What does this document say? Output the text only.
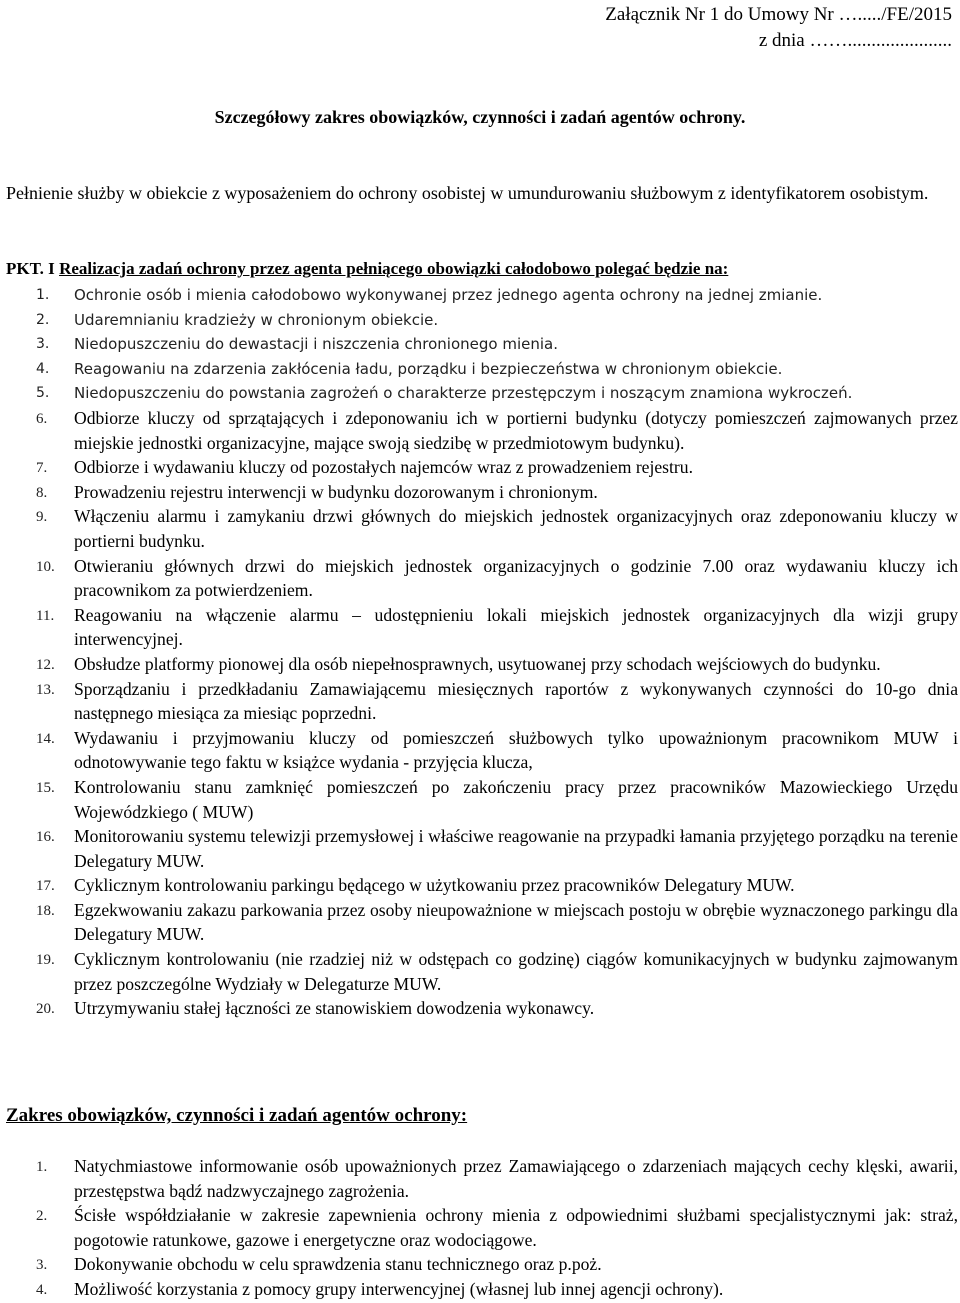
Załącznik Nr 1 do Umowy Nr …...../FE/2015
z dnia ……......................
Szczegółowy zakres obowiązków, czynności i zadań agentów ochrony.
Pełnienie służby w obiekcie z wyposażeniem do ochrony osobistej w umundurowaniu służbowym z identyfikatorem osobistym.
PKT. I Realizacja zadań ochrony przez agenta pełniącego obowiązki całodobowo polegać będzie na:
1.	Ochronie osób i mienia całodobowo wykonywanej przez jednego agenta ochrony na jednej zmianie.
2.	Udaremnianiu kradzieży w chronionym obiekcie.
3.	Niedopuszczeniu do dewastacji i niszczenia chronionego mienia.
4.	Reagowaniu na zdarzenia zakłócenia ładu, porządku i bezpieczeństwa w chronionym obiekcie.
5.	Niedopuszczeniu do powstania zagrożeń o charakterze przestępczym i noszącym znamiona wykroczeń.
6.	Odbiorze kluczy od sprzątających i zdeponowaniu ich w portierni budynku (dotyczy pomieszczeń zajmowanych przez miejskie jednostki organizacyjne, mające swoją siedzibę w przedmiotowym budynku).
7.	Odbiorze i wydawaniu kluczy od pozostałych najemców wraz z prowadzeniem rejestru.
8.	Prowadzeniu rejestru interwencji w budynku dozorowanym i chronionym.
9.	Włączeniu alarmu i zamykaniu drzwi głównych do miejskich jednostek organizacyjnych oraz zdeponowaniu kluczy w portierni budynku.
10.	Otwieraniu głównych drzwi do miejskich jednostek organizacyjnych o godzinie 7.00 oraz wydawaniu kluczy ich pracownikom za potwierdzeniem.
11.	Reagowaniu na włączenie alarmu – udostępnieniu lokali miejskich jednostek organizacyjnych dla wizji grupy interwencyjnej.
12.	Obsłudze platformy pionowej dla osób niepełnosprawnych, usytuowanej przy schodach wejściowych do budynku.
13.	Sporządzaniu i przedkładaniu Zamawiającemu miesięcznych raportów z wykonywanych czynności do 10-go dnia następnego miesiąca za miesiąc poprzedni.
14.	Wydawaniu i przyjmowaniu kluczy od pomieszczeń służbowych tylko upoważnionym pracownikom MUW i odnotowywanie tego faktu w książce wydania - przyjęcia klucza,
15.	Kontrolowaniu stanu zamknięć pomieszczeń po zakończeniu pracy przez pracowników Mazowieckiego Urzędu Wojewódzkiego ( MUW)
16.	Monitorowaniu systemu telewizji przemysłowej i właściwe reagowanie na przypadki łamania przyjętego porządku na terenie Delegatury MUW.
17.	Cyklicznym kontrolowaniu parkingu będącego w użytkowaniu przez pracowników Delegatury MUW.
18.	Egzekwowaniu zakazu parkowania przez osoby nieupoważnione w miejscach postoju w obrębie wyznaczonego parkingu dla Delegatury MUW.
19.	Cyklicznym kontrolowaniu (nie rzadziej niż w odstępach co godzinę) ciągów komunikacyjnych w budynku zajmowanym przez poszczególne Wydziały w Delegaturze MUW.
20.	Utrzymywaniu stałej łączności ze stanowiskiem dowodzenia wykonawcy.
Zakres obowiązków, czynności i zadań agentów ochrony:
1.	Natychmiastowe informowanie osób upoważnionych przez Zamawiającego o zdarzeniach mających cechy klęski, awarii, przestępstwa bądź nadzwyczajnego zagrożenia.
2.	Ścisłe współdziałanie w zakresie zapewnienia ochrony mienia z odpowiednimi służbami specjalistycznymi jak: straż, pogotowie ratunkowe, gazowe i energetyczne oraz wodociągowe.
3.	Dokonywanie obchodu w celu sprawdzenia stanu technicznego oraz p.poż.
4.	Możliwość korzystania z pomocy grupy interwencyjnej (własnej lub innej agencji ochrony).
